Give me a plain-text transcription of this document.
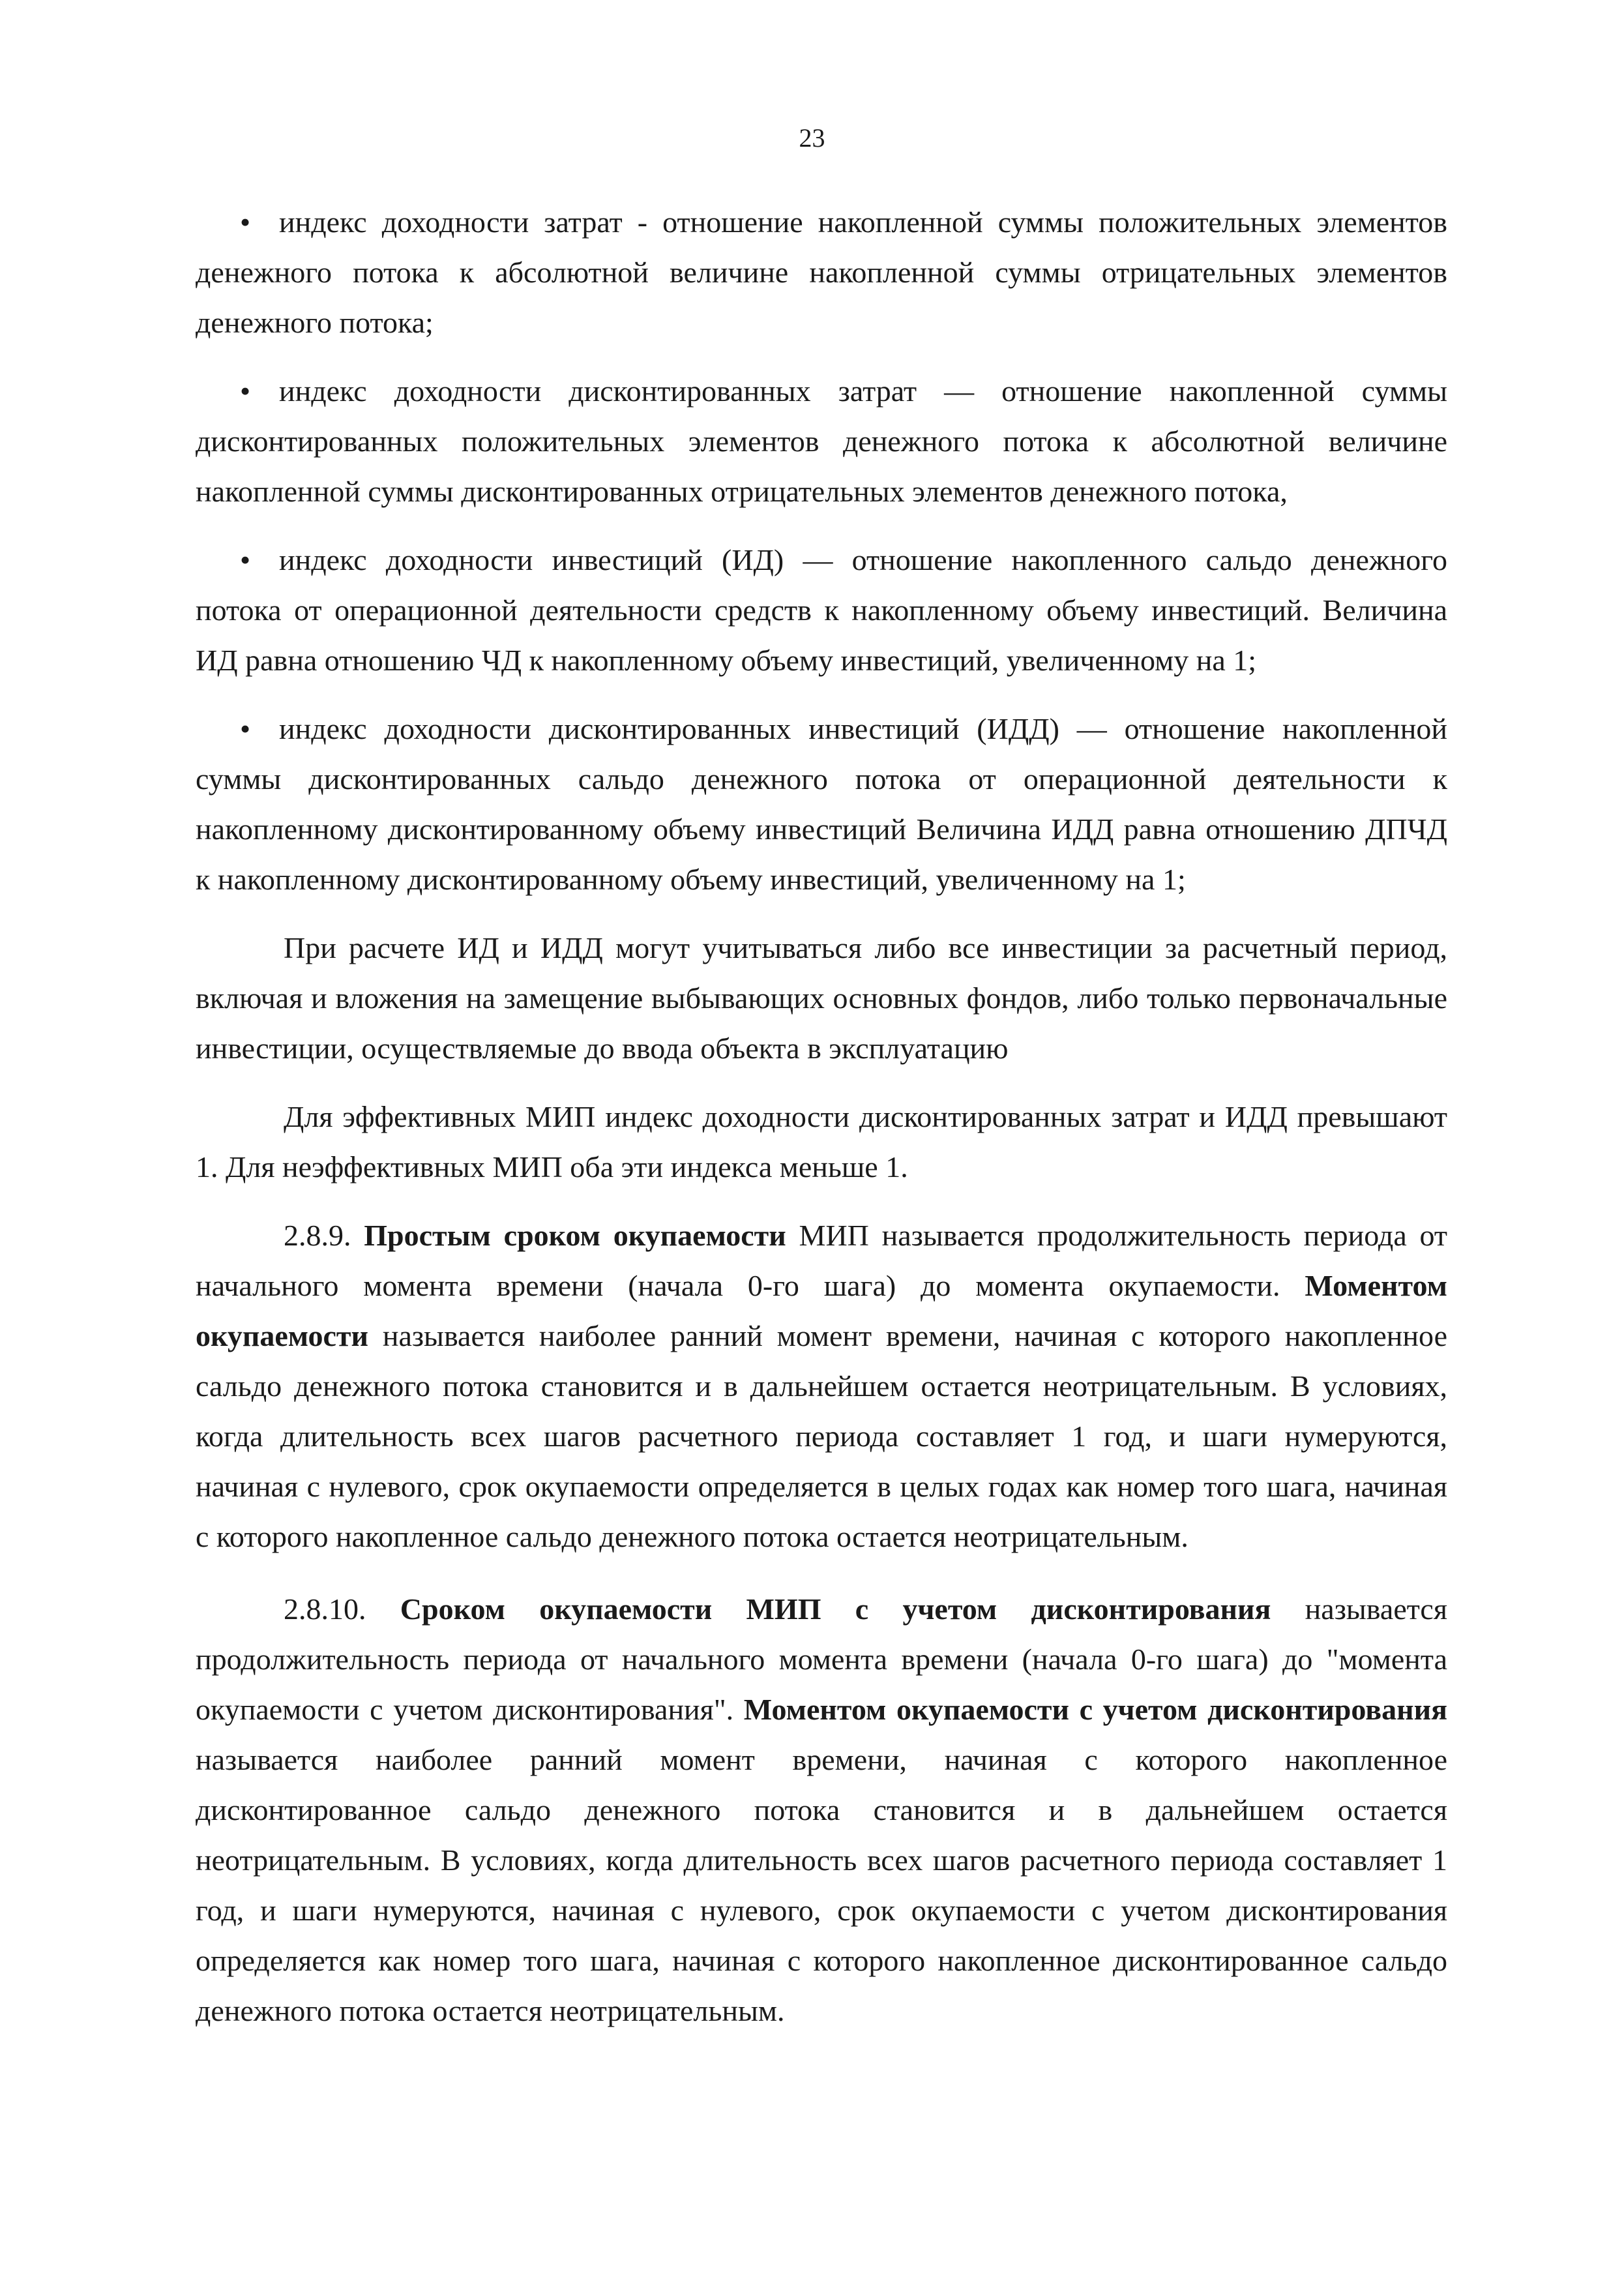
23

• индекс доходности затрат - отношение накопленной суммы положительных элементов денежного потока к абсолютной величине накопленной суммы отрицательных элементов денежного потока;

• индекс доходности дисконтированных затрат — отношение накопленной суммы дисконтированных положительных элементов денежного потока к абсолютной величине накопленной суммы дисконтированных отрицательных элементов денежного потока,

• индекс доходности инвестиций (ИД) — отношение накопленного сальдо денежного потока от операционной деятельности средств к накопленному объему инвестиций. Величина ИД равна отношению ЧД к накопленному объему инвестиций, увеличенному на 1;

• индекс доходности дисконтированных инвестиций (ИДД) — отношение накопленной суммы дисконтированных сальдо денежного потока от операционной деятельности к накопленному дисконтированному объему инвестиций Величина ИДД равна отношению ДПЧД к накопленному дисконтированному объему инвестиций, увеличенному на 1;

При расчете ИД и ИДД могут учитываться либо все инвестиции за расчетный период, включая и вложения на замещение выбывающих основных фондов, либо только первоначальные инвестиции, осуществляемые до ввода объекта в эксплуатацию

Для эффективных МИП индекс доходности дисконтированных затрат и ИДД превышают 1. Для неэффективных МИП оба эти индекса меньше 1.

2.8.9. Простым сроком окупаемости МИП называется продолжительность периода от начального момента времени (начала 0-го шага) до момента окупаемости. Моментом окупаемости называется наиболее ранний момент времени, начиная с которого накопленное сальдо денежного потока становится и в дальнейшем остается неотрицательным. В условиях, когда длительность всех шагов расчетного периода составляет 1 год, и шаги нумеруются, начиная с нулевого, срок окупаемости определяется в целых годах как номер того шага, начиная с которого накопленное сальдо денежного потока остается неотрицательным.

2.8.10. Сроком окупаемости МИП с учетом дисконтирования называется продолжительность периода от начального момента времени (начала 0-го шага) до "момента окупаемости с учетом дисконтирования". Моментом окупаемости с учетом дисконтирования называется наиболее ранний момент времени, начиная с которого накопленное дисконтированное сальдо денежного потока становится и в дальнейшем остается неотрицательным. В условиях, когда длительность всех шагов расчетного периода составляет 1 год, и шаги нумеруются, начиная с нулевого, срок окупаемости с учетом дисконтирования определяется как номер того шага, начиная с которого накопленное дисконтированное сальдо денежного потока остается неотрицательным.
